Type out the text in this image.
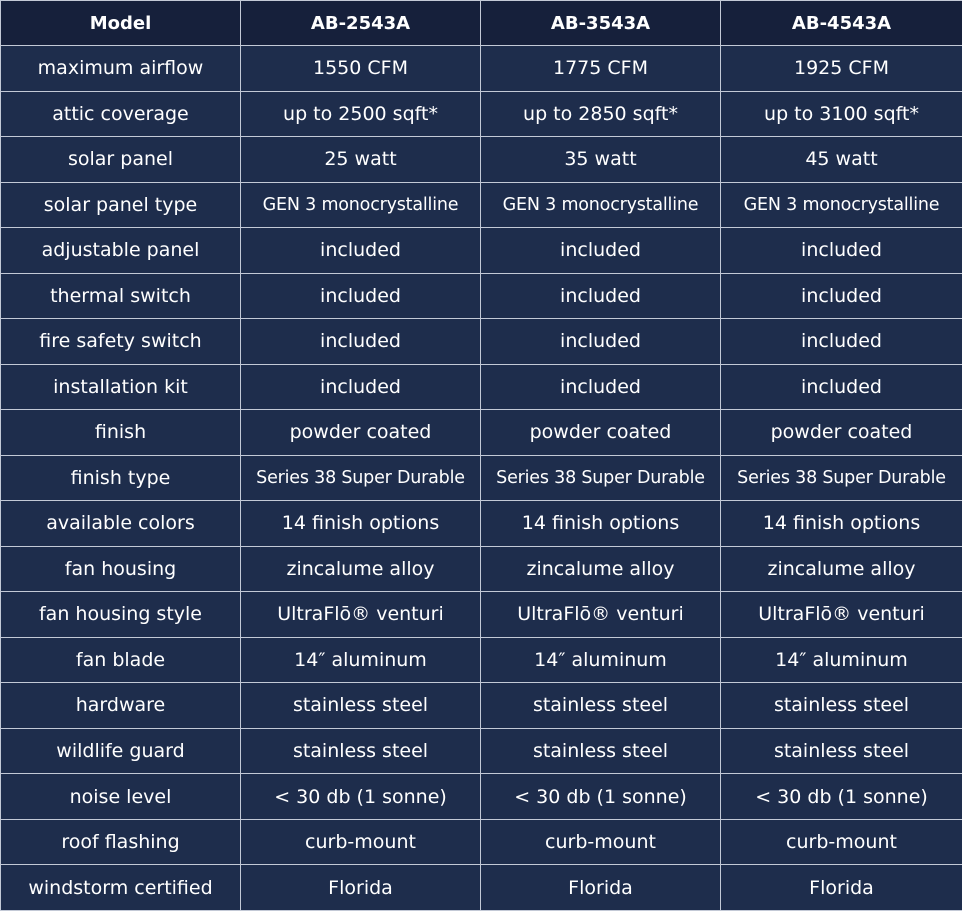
Model	AB-2543A	AB-3543A	AB-4543A
maximum airflow	1550 CFM	1775 CFM	1925 CFM
attic coverage	up to 2500 sqft*	up to 2850 sqft*	up to 3100 sqft*
solar panel	25 watt	35 watt	45 watt
solar panel type	GEN 3 monocrystalline	GEN 3 monocrystalline	GEN 3 monocrystalline
adjustable panel	included	included	included
thermal switch	included	included	included
fire safety switch	included	included	included
installation kit	included	included	included
finish	powder coated	powder coated	powder coated
finish type	Series 38 Super Durable	Series 38 Super Durable	Series 38 Super Durable
available colors	14 finish options	14 finish options	14 finish options
fan housing	zincalume alloy	zincalume alloy	zincalume alloy
fan housing style	UltraFlō® venturi	UltraFlō® venturi	UltraFlō® venturi
fan blade	14″ aluminum	14″ aluminum	14″ aluminum
hardware	stainless steel	stainless steel	stainless steel
wildlife guard	stainless steel	stainless steel	stainless steel
noise level	< 30 db (1 sonne)	< 30 db (1 sonne)	< 30 db (1 sonne)
roof flashing	curb-mount	curb-mount	curb-mount
windstorm certified	Florida	Florida	Florida
